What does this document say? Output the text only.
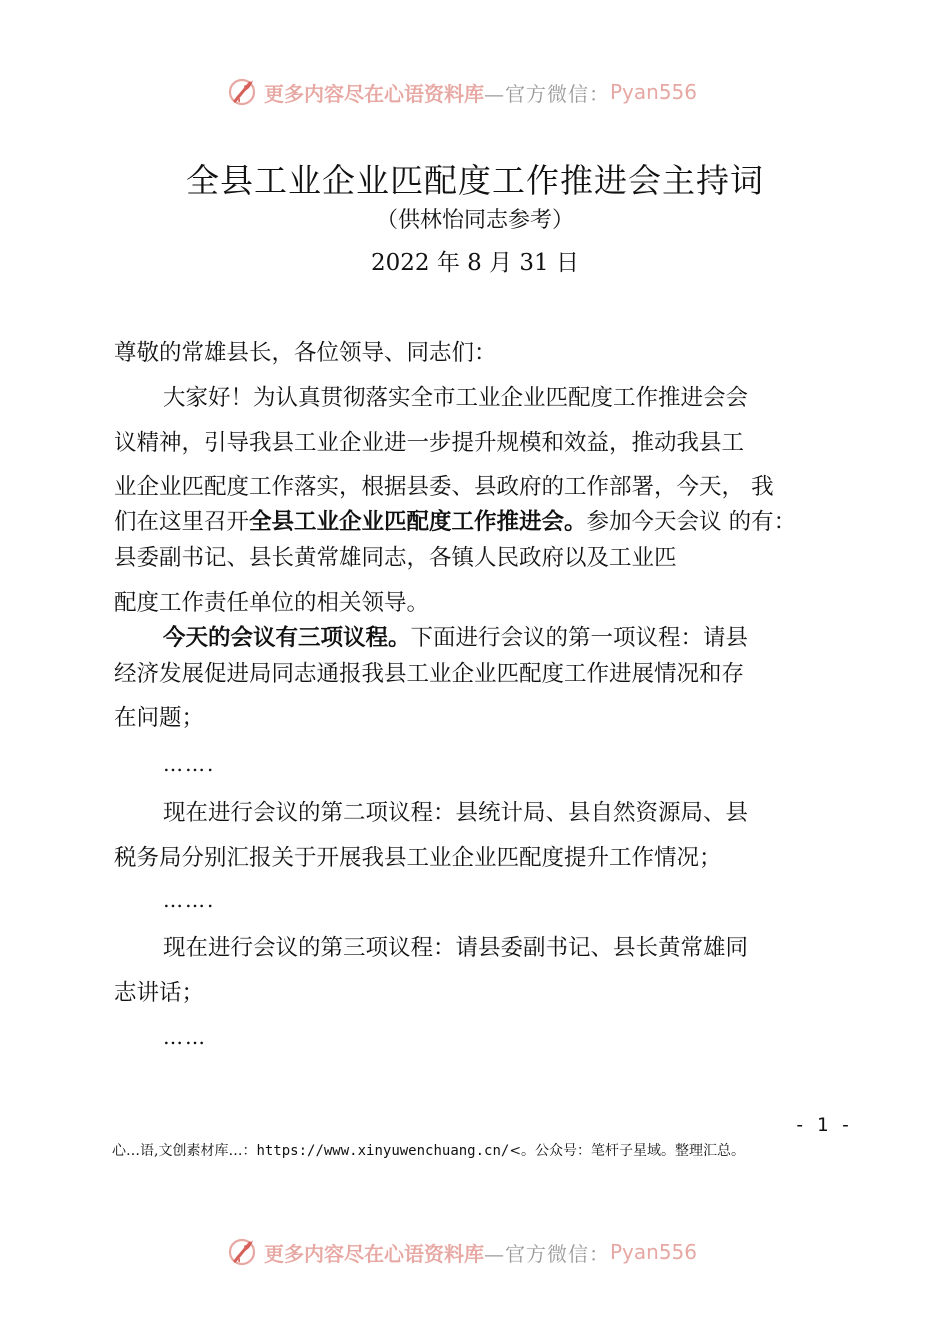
更多内容尽在心语资料库 —官方微信： Pyan556
全县工业企业匹配度工作推进会主持词
（供林怡同志参考）
2022 年 8 月 31 日
尊敬的常雄县长，各位领导、同志们：
大家好！为认真贯彻落实全市工业企业匹配度工作推进会会
议精神，引导我县工业企业进一步提升规模和效益，推动我县工
业企业匹配度工作落实，根据县委、县政府的工作部署，今天， 我
们在这里召开全县工业企业匹配度工作推进会。参加今天会议 的有：
县委副书记、县长黄常雄同志，各镇人民政府以及工业匹
配度工作责任单位的相关领导。
今天的会议有三项议程。下面进行会议的第一项议程：请县
经济发展促进局同志通报我县工业企业匹配度工作进展情况和存
在问题；
…….
现在进行会议的第二项议程：县统计局、县自然资源局、县
税务局分别汇报关于开展我县工业企业匹配度提升工作情况；
…….
现在进行会议的第三项议程：请县委副书记、县长黄常雄同
志讲话；
……
- 1 -
心…语,文创素材库…：https://www.xinyuwenchuang.cn/<。公众号：笔杆子星域。整理汇总。
更多内容尽在心语资料库 —官方微信： Pyan556
